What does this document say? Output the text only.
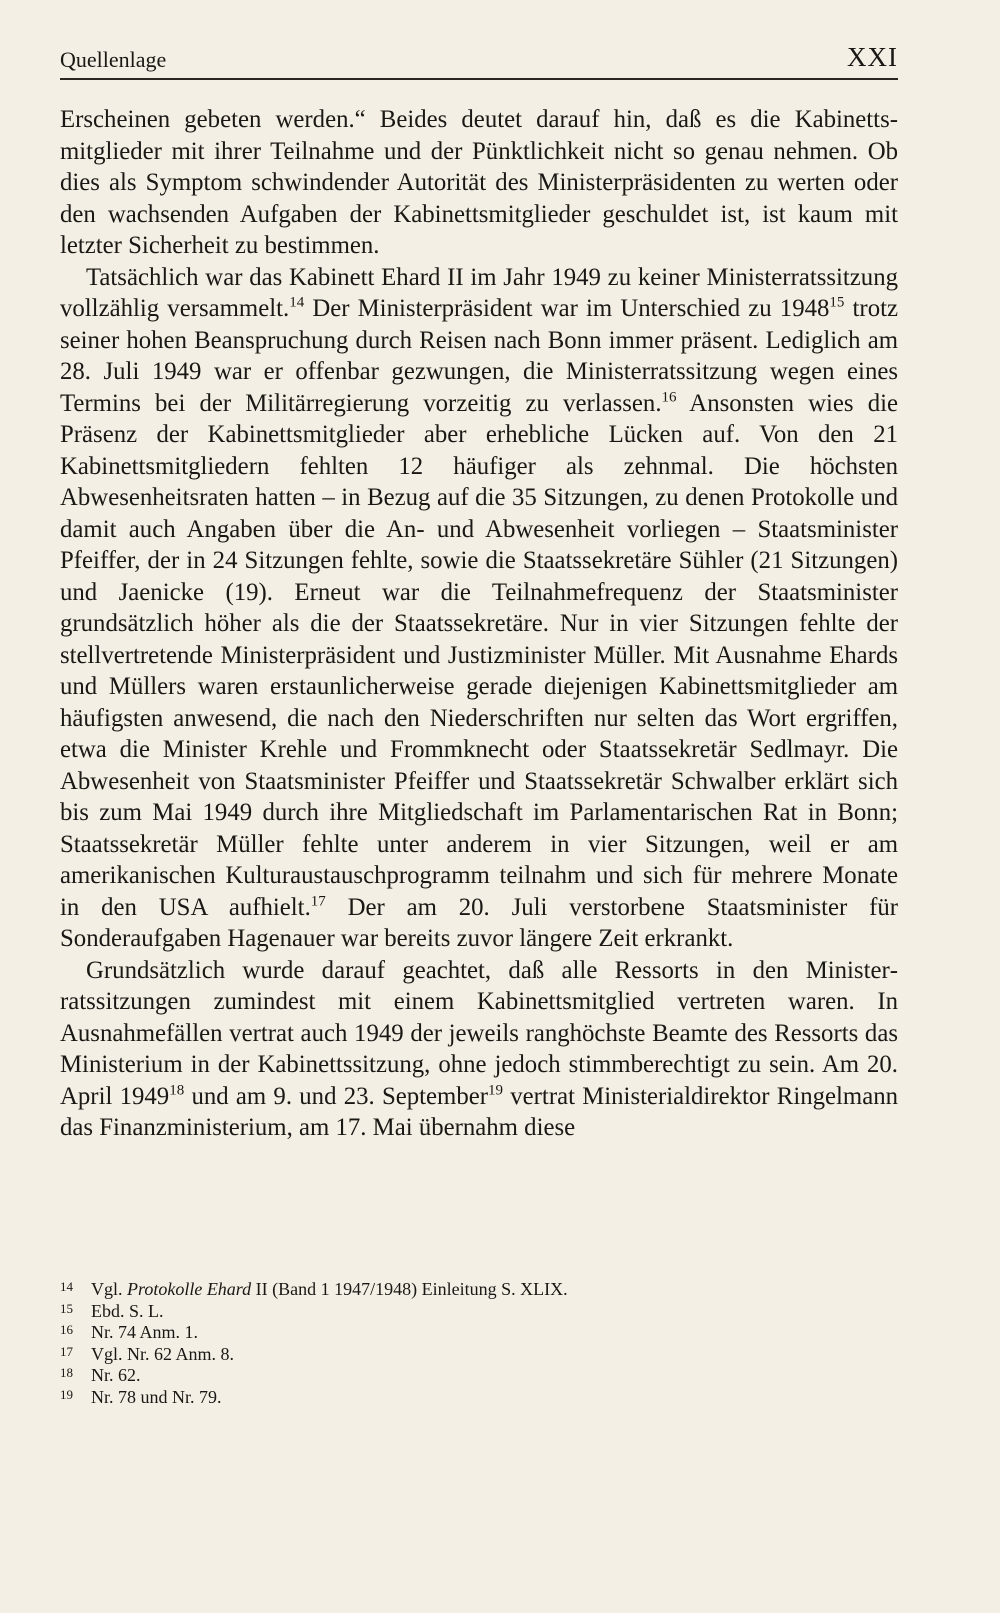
Quellenlage	XXI

Erscheinen gebeten werden.“ Beides deutet darauf hin, daß es die Kabinettsmitglieder mit ihrer Teilnahme und der Pünktlichkeit nicht so genau nehmen. Ob dies als Symptom schwindender Autorität des Ministerpräsidenten zu werten oder den wachsenden Aufgaben der Kabinettsmitglieder geschuldet ist, ist kaum mit letzter Sicherheit zu bestimmen.

Tatsächlich war das Kabinett Ehard II im Jahr 1949 zu keiner Ministerratssitzung vollzählig versammelt.$^{14}$ Der Ministerpräsident war im Unterschied zu 1948$^{15}$ trotz seiner hohen Beanspruchung durch Reisen nach Bonn immer präsent. Lediglich am 28. Juli 1949 war er offenbar gezwungen, die Ministerratssitzung wegen eines Termins bei der Militärregierung vorzeitig zu verlassen.$^{16}$ Ansonsten wies die Präsenz der Kabinettsmitglieder aber erhebliche Lücken auf. Von den 21 Kabinettsmitgliedern fehlten 12 häufiger als zehnmal. Die höchsten Abwesenheitsraten hatten – in Bezug auf die 35 Sitzungen, zu denen Protokolle und damit auch Angaben über die An- und Abwesenheit vorliegen – Staatsminister Pfeiffer, der in 24 Sitzungen fehlte, sowie die Staatssekretäre Sühler (21 Sitzungen) und Jaenicke (19). Erneut war die Teilnahmefrequenz der Staatsminister grundsätzlich höher als die der Staatssekretäre. Nur in vier Sitzungen fehlte der stellvertretende Ministerpräsident und Justizminister Müller. Mit Ausnahme Ehards und Müllers waren erstaunlicherweise gerade diejenigen Kabinettsmitglieder am häufigsten anwesend, die nach den Niederschriften nur selten das Wort ergriffen, etwa die Minister Krehle und Frommknecht oder Staatssekretär Sedlmayr. Die Abwesenheit von Staatsminister Pfeiffer und Staatssekretär Schwalber erklärt sich bis zum Mai 1949 durch ihre Mitgliedschaft im Parlamentarischen Rat in Bonn; Staatssekretär Müller fehlte unter anderem in vier Sitzungen, weil er am amerikanischen Kulturaustauschprogramm teilnahm und sich für mehrere Monate in den USA aufhielt.$^{17}$ Der am 20. Juli verstorbene Staatsminister für Sonderaufgaben Hagenauer war bereits zuvor längere Zeit erkrankt.

Grundsätzlich wurde darauf geachtet, daß alle Ressorts in den Ministerratssitzungen zumindest mit einem Kabinettsmitglied vertreten waren. In Ausnahmefällen vertrat auch 1949 der jeweils ranghöchste Beamte des Ressorts das Ministerium in der Kabinettssitzung, ohne jedoch stimmberechtigt zu sein. Am 20. April 1949$^{18}$ und am 9. und 23. September$^{19}$ vertrat Ministerialdirektor Ringelmann das Finanzministerium, am 17. Mai übernahm diese

14 Vgl. Protokolle Ehard II (Band 1 1947/1948) Einleitung S. XLIX.

15 Ebd. S. L.

16 Nr. 74 Anm. 1.

17 Vgl. Nr. 62 Anm. 8.

18 Nr. 62.

19 Nr. 78 und Nr. 79.
